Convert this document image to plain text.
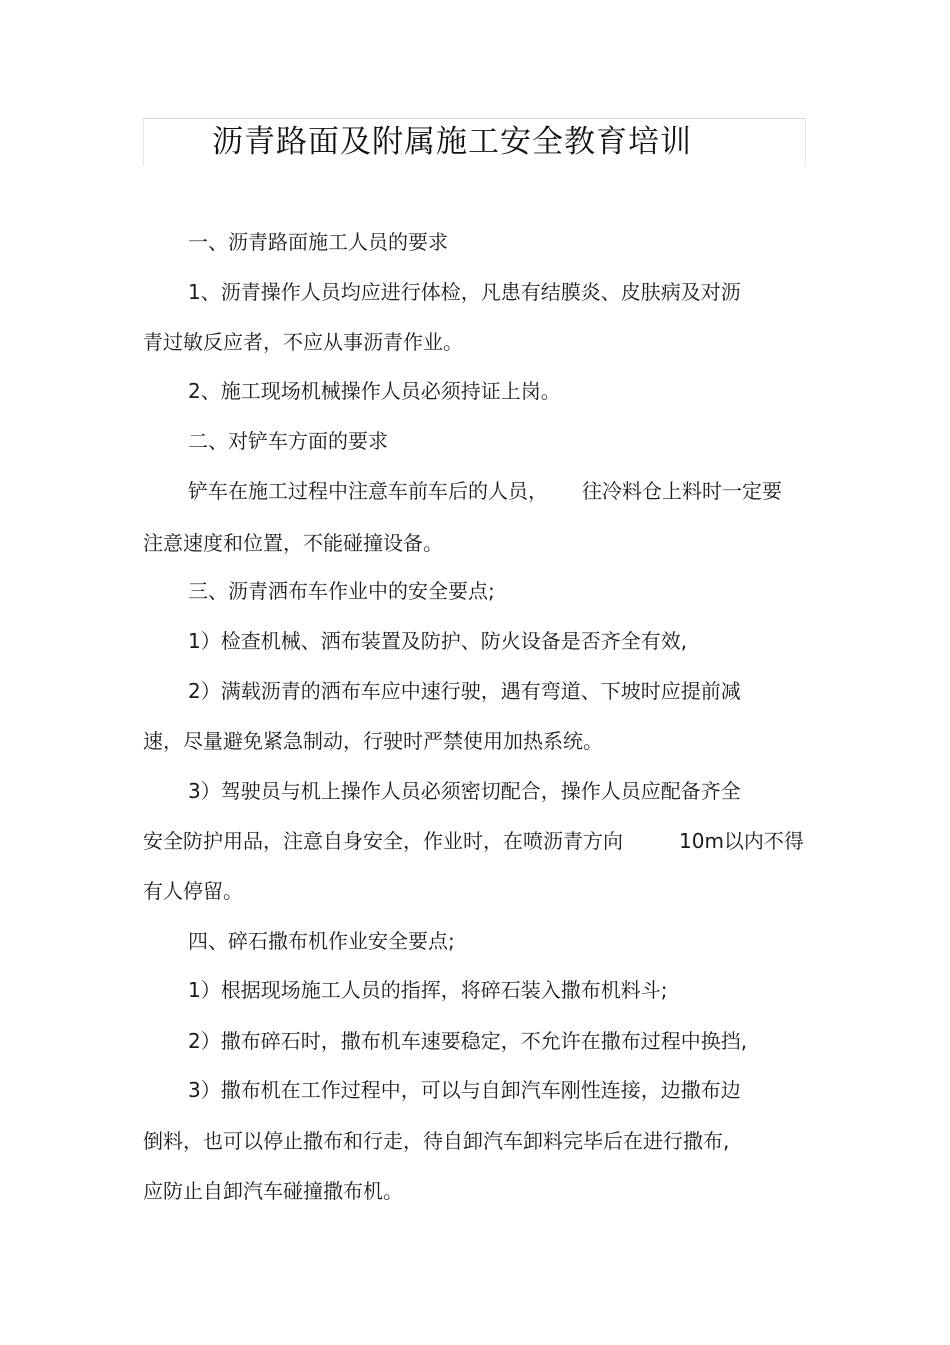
沥青路面及附属施工安全教育培训
一、沥青路面施工人员的要求
1、沥青操作人员均应进行体检，凡患有结膜炎、皮肤病及对沥
青过敏反应者，不应从事沥青作业。
2、施工现场机械操作人员必须持证上岗。
二、对铲车方面的要求
铲车在施工过程中注意车前车后的人员， 往冷料仓上料时一定要
注意速度和位置，不能碰撞设备。
三、沥青洒布车作业中的安全要点;
1）检查机械、洒布装置及防护、防火设备是否齐全有效,
2）满载沥青的洒布车应中速行驶，遇有弯道、下坡时应提前减
速，尽量避免紧急制动，行驶时严禁使用加热系统。
3）驾驶员与机上操作人员必须密切配合，操作人员应配备齐全
安全防护用品，注意自身安全，作业时，在喷沥青方向	10m以内不得
有人停留。
四、碎石撒布机作业安全要点;
1）根据现场施工人员的指挥，将碎石装入撒布机料斗;
2）撒布碎石时，撒布机车速要稳定，不允许在撒布过程中换挡,
3）撒布机在工作过程中，可以与自卸汽车刚性连接，边撒布边
倒料，也可以停止撒布和行走，待自卸汽车卸料完毕后在进行撒布,
应防止自卸汽车碰撞撒布机。
